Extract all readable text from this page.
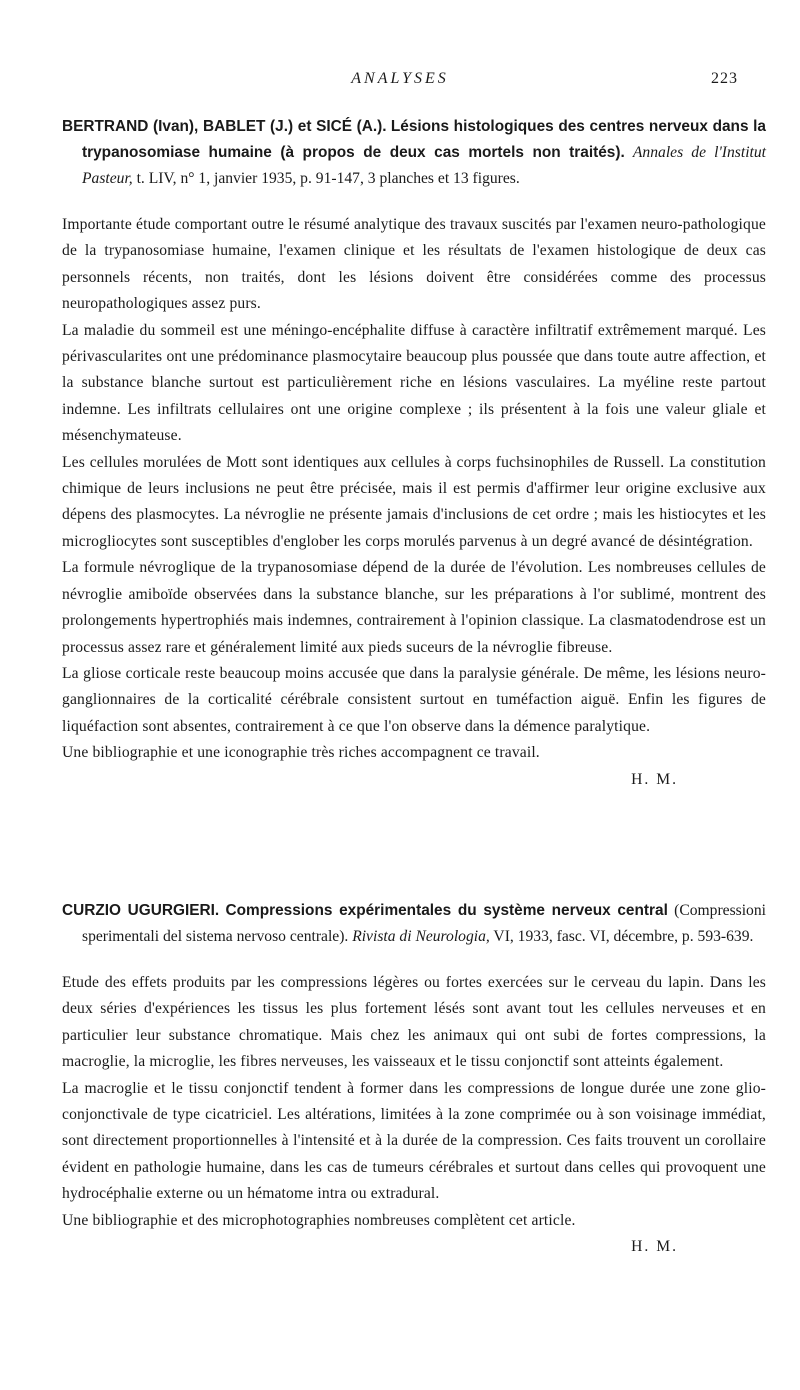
ANALYSES	223

BERTRAND (Ivan), BABLET (J.) et SICÉ (A.). Lésions histologiques des centres nerveux dans la trypanosomiase humaine (à propos de deux cas mortels non traités). Annales de l'Institut Pasteur, t. LIV, n° 1, janvier 1935, p. 91-147, 3 planches et 13 figures.

Importante étude comportant outre le résumé analytique des travaux suscités par l'examen neuro-pathologique de la trypanosomiase humaine, l'examen clinique et les résultats de l'examen histologique de deux cas personnels récents, non traités, dont les lésions doivent être considérées comme des processus neuropathologiques assez purs.

La maladie du sommeil est une méningo-encéphalite diffuse à caractère infiltratif extrêmement marqué. Les périvascularites ont une prédominance plasmocytaire beaucoup plus poussée que dans toute autre affection, et la substance blanche surtout est particulièrement riche en lésions vasculaires. La myéline reste partout indemne. Les infiltrats cellulaires ont une origine complexe ; ils présentent à la fois une valeur gliale et mésenchymateuse.

Les cellules morulées de Mott sont identiques aux cellules à corps fuchsinophiles de Russell. La constitution chimique de leurs inclusions ne peut être précisée, mais il est permis d'affirmer leur origine exclusive aux dépens des plasmocytes. La névroglie ne présente jamais d'inclusions de cet ordre ; mais les histiocytes et les microgliocytes sont susceptibles d'englober les corps morulés parvenus à un degré avancé de désintégration.

La formule névroglique de la trypanosomiase dépend de la durée de l'évolution. Les nombreuses cellules de névroglie amiboïde observées dans la substance blanche, sur les préparations à l'or sublimé, montrent des prolongements hypertrophiés mais indemnes, contrairement à l'opinion classique. La clasmatodendrose est un processus assez rare et généralement limité aux pieds suceurs de la névroglie fibreuse.

La gliose corticale reste beaucoup moins accusée que dans la paralysie générale. De même, les lésions neuro-ganglionnaires de la corticalité cérébrale consistent surtout en tuméfaction aiguë. Enfin les figures de liquéfaction sont absentes, contrairement à ce que l'on observe dans la démence paralytique.

Une bibliographie et une iconographie très riches accompagnent ce travail.

H. M.

CURZIO UGURGIERI. Compressions expérimentales du système nerveux central (Compressioni sperimentali del sistema nervoso centrale). Rivista di Neurologia, VI, 1933, fasc. VI, décembre, p. 593-639.

Etude des effets produits par les compressions légères ou fortes exercées sur le cerveau du lapin. Dans les deux séries d'expériences les tissus les plus fortement lésés sont avant tout les cellules nerveuses et en particulier leur substance chromatique. Mais chez les animaux qui ont subi de fortes compressions, la macroglie, la microglie, les fibres nerveuses, les vaisseaux et le tissu conjonctif sont atteints également.

La macroglie et le tissu conjonctif tendent à former dans les compressions de longue durée une zone glio-conjonctivale de type cicatriciel. Les altérations, limitées à la zone comprimée ou à son voisinage immédiat, sont directement proportionnelles à l'intensité et à la durée de la compression. Ces faits trouvent un corollaire évident en pathologie humaine, dans les cas de tumeurs cérébrales et surtout dans celles qui provoquent une hydrocéphalie externe ou un hématome intra ou extradural.

Une bibliographie et des microphotographies nombreuses complètent cet article.

H. M.
